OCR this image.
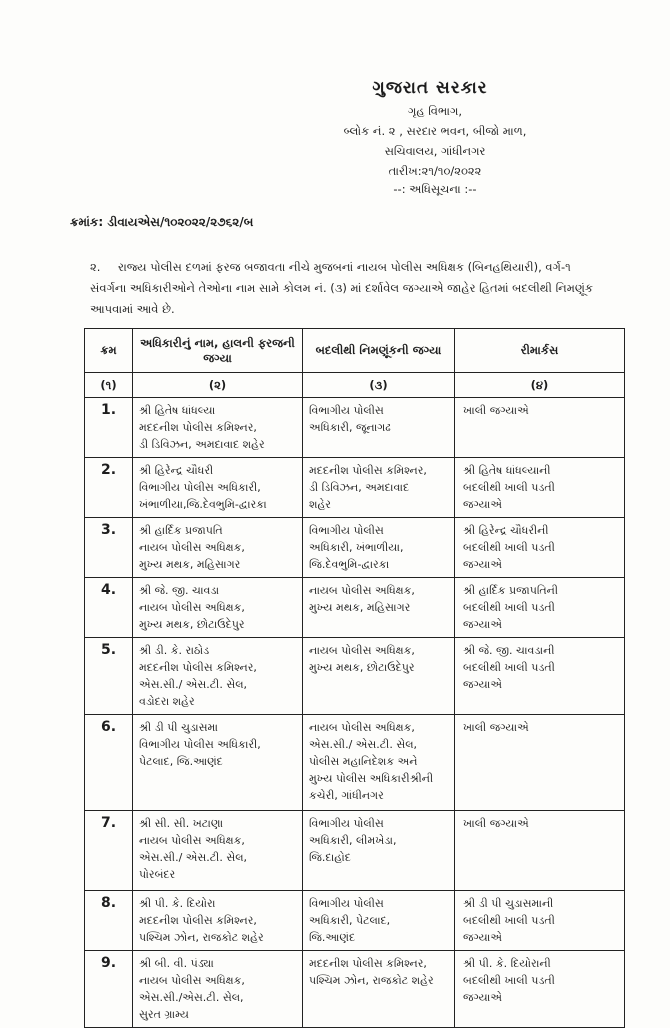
ગુજરાત સરકાર
ગૃહ વિભાગ,
બ્લોક નં. ૨ , સરદાર ભવન, બીજો માળ,
સચિવાલય, ગાંધીનગર
તારીખ:૨૧/૧૦/૨૦૨૨
--: અધિસૂચના :--
ક્રમાંક: ડીવાયએસ/૧૦૨૦૨૨/૨૭૬૨/બ
૨. રાજ્ય પોલીસ દળમાં ફરજ બજાવતા નીચે મુજબનાં નાયબ પોલીસ અધિક્ષક (બિનહથિયારી), વર્ગ-૧ સંવર્ગના અધિકારીઓને તેઓના નામ સામે કોલમ નં. (૩) માં દર્શાવેલ જગ્યાએ જાહેર હિતમાં બદલીથી નિમણૂંક આપવામાં આવે છે.
ક્રમ	અધિકારીનું નામ, હાલની ફરજની જગ્યા	બદલીથી નિમણૂંકની જગ્યા	રીમાર્કસ
(૧)	(૨)	(૩)	(૪)
1.	શ્રી હિતેષ ધાંધલ્યા
મદદનીશ પોલીસ કમિશ્નર,
ડી ડિવિઝન, અમદાવાદ શહેર	વિભાગીય પોલીસ
અધિકારી, જૂનાગઢ	ખાલી જગ્યાએ

2.	શ્રી હિરેન્દ્ર ચૌધરી
વિભાગીય પોલીસ અધિકારી,
ખંભાળીયા,જિ.દેવભુમિ-દ્વારકા	મદદનીશ પોલીસ કમિશ્નર,
ડી ડિવિઝન, અમદાવાદ
શહેર	શ્રી હિતેષ ધાંધલ્યાની
બદલીથી ખાલી પડતી
જગ્યાએ

3.	શ્રી હાર્દિક પ્રજાપતિ
નાયબ પોલીસ અધિક્ષક,
મુખ્ય મથક, મહિસાગર	વિભાગીય પોલીસ
અધિકારી, ખંભાળીયા,
જિ.દેવભુમિ-દ્વારકા	શ્રી હિરેન્દ્ર ચૌધરીની
બદલીથી ખાલી પડતી
જગ્યાએ

4.	શ્રી જે. જી. ચાવડા
નાયબ પોલીસ અધિક્ષક,
મુખ્ય મથક, છોટાઉદેપુર	નાયબ પોલીસ અધિક્ષક,
મુખ્ય મથક, મહિસાગર	શ્રી હાર્દિક પ્રજાપતિની
બદલીથી ખાલી પડતી
જગ્યાએ

5.	શ્રી ડી. કે. રાઠોડ
મદદનીશ પોલીસ કમિશ્નર,
એસ.સી./ એસ.ટી. સેલ,
વડોદરા શહેર	નાયબ પોલીસ અધિક્ષક,
મુખ્ય મથક, છોટાઉદેપુર	શ્રી જે. જી. ચાવડાની
બદલીથી ખાલી પડતી
જગ્યાએ

6.	શ્રી ડી પી ચુડાસમા
વિભાગીય પોલીસ અધિકારી,
પેટલાદ, જિ.આણંદ	નાયબ પોલીસ અધિક્ષક,
એસ.સી./ એસ.ટી. સેલ,
પોલીસ મહાનિદેશક અને
મુખ્ય પોલીસ અધિકારીશ્રીની
કચેરી, ગાંધીનગર	ખાલી જગ્યાએ

7.	શ્રી સી. સી. ખટાણા
નાયબ પોલીસ અધિક્ષક,
એસ.સી./ એસ.ટી. સેલ,
પોરબંદર	વિભાગીય પોલીસ
અધિકારી, લીમખેડા,
જિ.દાહોદ	ખાલી જગ્યાએ

8.	શ્રી પી. કે. દિયોરા
મદદનીશ પોલીસ કમિશ્નર,
પશ્ચિમ ઝોન, રાજકોટ શહેર	વિભાગીય પોલીસ
અધિકારી, પેટલાદ,
જિ.આણંદ	શ્રી ડી પી ચુડાસમાની
બદલીથી ખાલી પડતી
જગ્યાએ

9.	શ્રી બી. વી. પંડ્યા
નાયબ પોલીસ અધિક્ષક,
એસ.સી./એસ.ટી. સેલ,
સુરત ગ્રામ્ય	મદદનીશ પોલીસ કમિશ્નર,
પશ્ચિમ ઝોન, રાજકોટ શહેર	શ્રી પી. કે. દિયોરાની
બદલીથી ખાલી પડતી
જગ્યાએ
